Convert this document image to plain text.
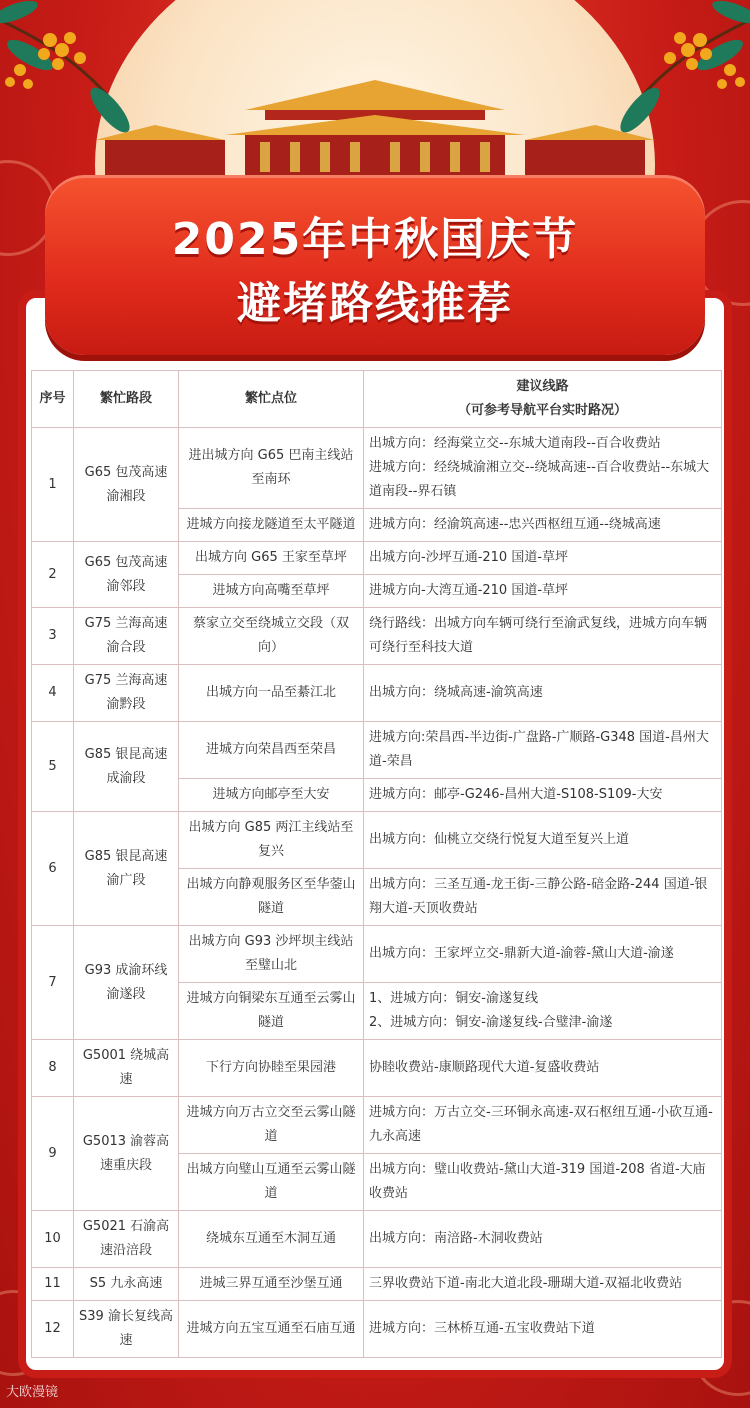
2025年中秋国庆节
避堵路线推荐
序号	繁忙路段	繁忙点位	建议线路
（可参考导航平台实时路况）

1	G65 包茂高速渝湘段	进出城方向 G65 巴南主线站至南环	出城方向：经海棠立交--东城大道南段--百合收费站
进城方向：经绕城渝湘立交--绕城高速--百合收费站--东城大道南段--界石镇
		进城方向接龙隧道至太平隧道	进城方向：经渝筑高速--忠兴西枢纽互通--绕城高速
2	G65 包茂高速渝邻段	出城方向 G65 王家至草坪	出城方向-沙坪互通-210 国道-草坪
		进城方向高嘴至草坪	进城方向-大湾互通-210 国道-草坪
3	G75 兰海高速渝合段	蔡家立交至绕城立交段（双向）	绕行路线：出城方向车辆可绕行至渝武复线，进城方向车辆可绕行至科技大道
4	G75 兰海高速渝黔段	出城方向一品至綦江北	出城方向：绕城高速-渝筑高速
5	G85 银昆高速成渝段	进城方向荣昌西至荣昌	进城方向:荣昌西-半边街-广盘路-广顺路-G348 国道-昌州大道-荣昌
		进城方向邮亭至大安	进城方向：邮亭-G246-昌州大道-S108-S109-大安
6	G85 银昆高速渝广段	出城方向 G85 两江主线站至复兴	出城方向：仙桃立交绕行悦复大道至复兴上道
		出城方向静观服务区至华蓥山隧道	出城方向：三圣互通-龙王街-三静公路-碚金路-244 国道-银翔大道-天顶收费站
7	G93 成渝环线渝遂段	出城方向 G93 沙坪坝主线站至璧山北	出城方向：王家坪立交-鼎新大道-渝蓉-黛山大道-渝遂
		进城方向铜梁东互通至云雾山隧道	1、进城方向：铜安-渝遂复线
2、进城方向：铜安-渝遂复线-合璧津-渝遂
8	G5001 绕城高速	下行方向协睦至果园港	协睦收费站-康顺路现代大道-复盛收费站
9	G5013 渝蓉高速重庆段	进城方向万古立交至云雾山隧道	进城方向：万古立交-三环铜永高速-双石枢纽互通-小砍互通-九永高速
		出城方向璧山互通至云雾山隧道	出城方向：璧山收费站-黛山大道-319 国道-208 省道-大庙收费站
10	G5021 石渝高速沿涪段	绕城东互通至木洞互通	出城方向：南涪路-木洞收费站
11	S5 九永高速	进城三界互通至沙堡互通	三界收费站下道-南北大道北段-珊瑚大道-双福北收费站
12	S39 渝长复线高速	进城方向五宝互通至石庙互通	进城方向：三林桥互通-五宝收费站下道
大欧漫镜
